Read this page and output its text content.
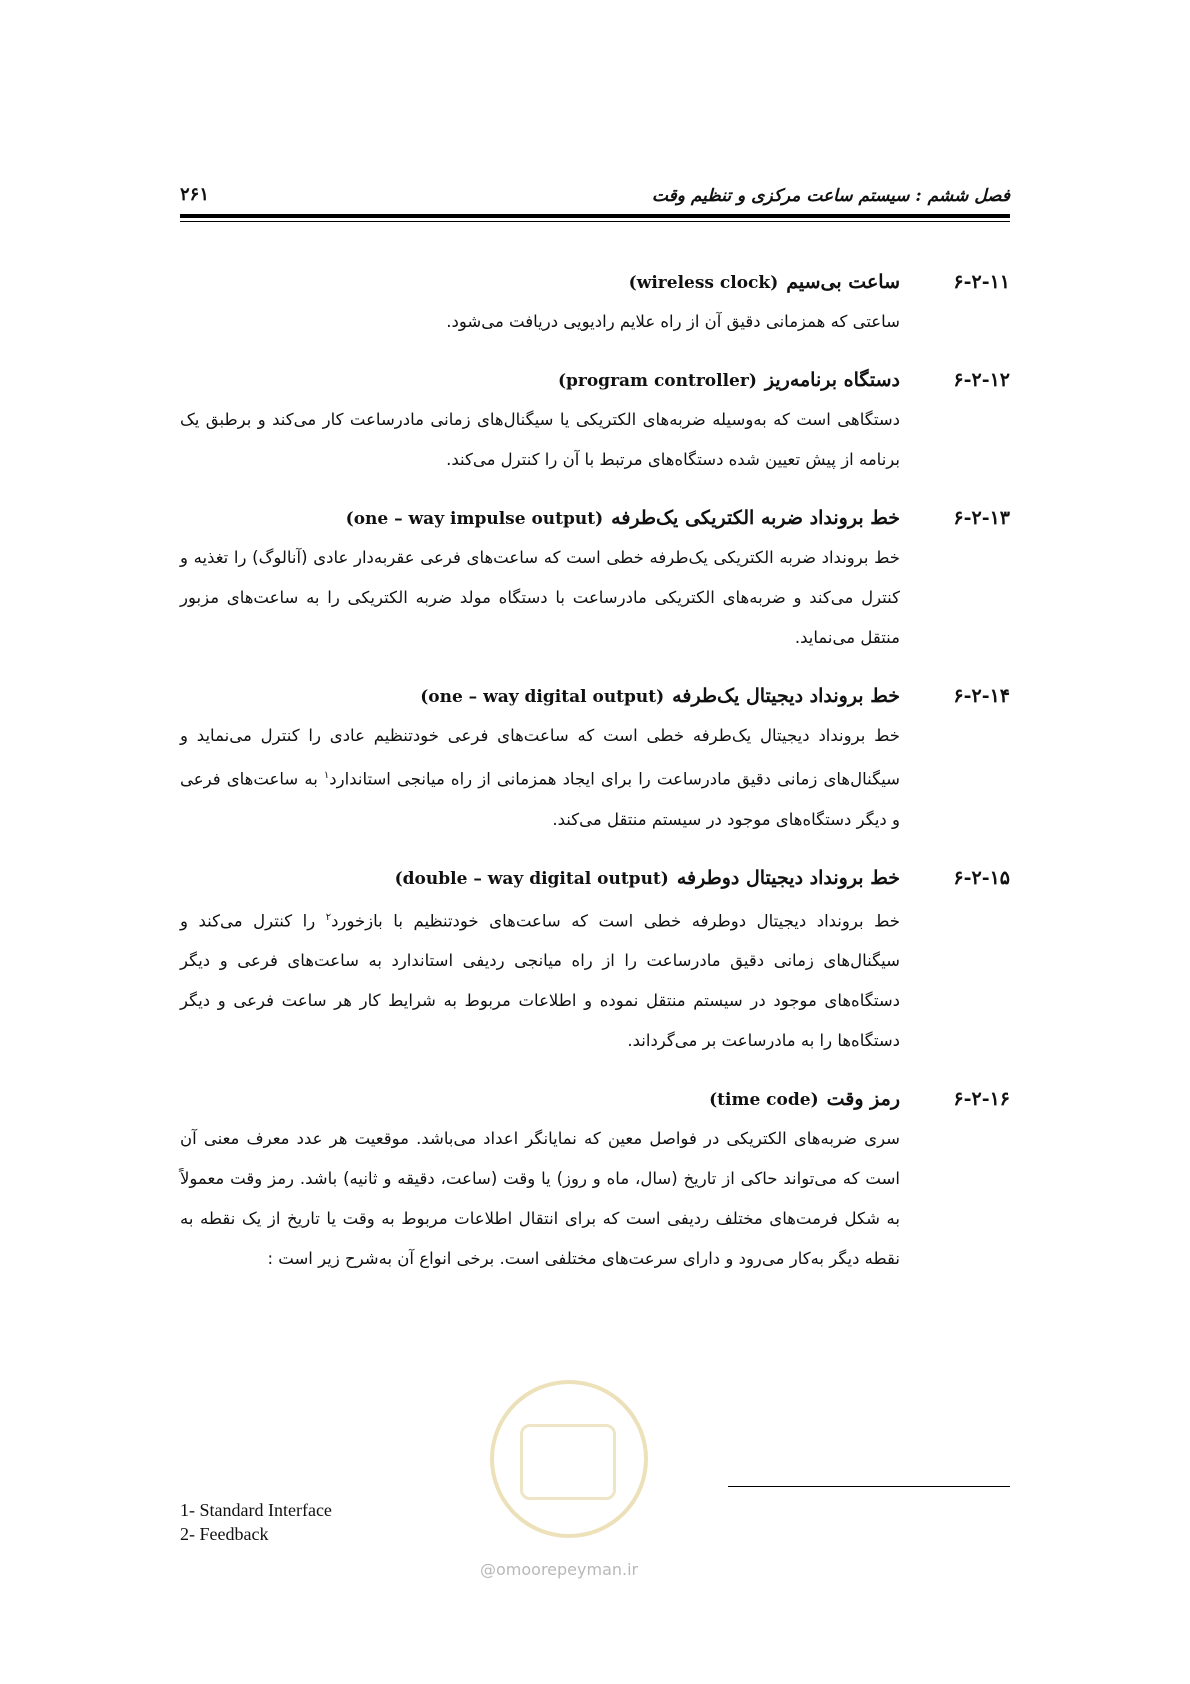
فصل ششم : سیستم ساعت مرکزی و تنظیم وقت
۲۶۱
۶-۲-۱۱
ساعت بی‌سیم
(wireless clock)
ساعتی که همزمانی دقیق آن از راه علایم رادیویی دریافت می‌شود.
۶-۲-۱۲
دستگاه برنامه‌ریز
(program controller)
دستگاهی است که به‌وسیله ضربه‌های الکتریکی یا سیگنال‌های زمانی مادرساعت کار می‌کند و برطبق یک برنامه از پیش تعیین شده دستگاه‌های مرتبط با آن را کنترل می‌کند.
۶-۲-۱۳
خط برونداد ضربه الکتریکی یک‌طرفه
(one – way impulse output)
خط برونداد ضربه الکتریکی یک‌طرفه خطی است که ساعت‌های فرعی عقربه‌دار عادی (آنالوگ) را تغذیه و کنترل می‌کند و ضربه‌های الکتریکی مادرساعت با دستگاه مولد ضربه الکتریکی را به ساعت‌های مزبور منتقل می‌نماید.
۶-۲-۱۴
خط برونداد دیجیتال یک‌طرفه
(one – way digital output)
خط برونداد دیجیتال یک‌طرفه خطی است که ساعت‌های فرعی خودتنظیم عادی را کنترل می‌نماید و سیگنال‌های زمانی دقیق مادرساعت را برای ایجاد همزمانی از راه میانجی استاندارد$^۱$ به ساعت‌های فرعی و دیگر دستگاه‌های موجود در سیستم منتقل می‌کند.
۶-۲-۱۵
خط برونداد دیجیتال دوطرفه
(double – way digital output)
خط برونداد دیجیتال دوطرفه خطی است که ساعت‌های خودتنظیم با بازخورد$^۲$ را کنترل می‌کند و سیگنال‌های زمانی دقیق مادرساعت را از راه میانجی ردیفی استاندارد به ساعت‌های فرعی و دیگر دستگاه‌های موجود در سیستم منتقل نموده و اطلاعات مربوط به شرایط کار هر ساعت فرعی و دیگر دستگاه‌ها را به مادرساعت بر می‌گرداند.
۶-۲-۱۶
رمز وقت
(time code)
سری ضربه‌های الکتریکی در فواصل معین که نمایانگر اعداد می‌باشد. موقعیت هر عدد معرف معنی آن است که می‌تواند حاکی از تاریخ (سال، ماه و روز) یا وقت (ساعت، دقیقه و ثانیه) باشد. رمز وقت معمولاً به شکل فرمت‌های مختلف ردیفی است که برای انتقال اطلاعات مربوط به وقت یا تاریخ از یک نقطه به نقطه دیگر به‌کار می‌رود و دارای سرعت‌های مختلفی است. برخی انواع آن به‌شرح زیر است :
1- Standard Interface
2- Feedback
@omoorepeyman.ir
